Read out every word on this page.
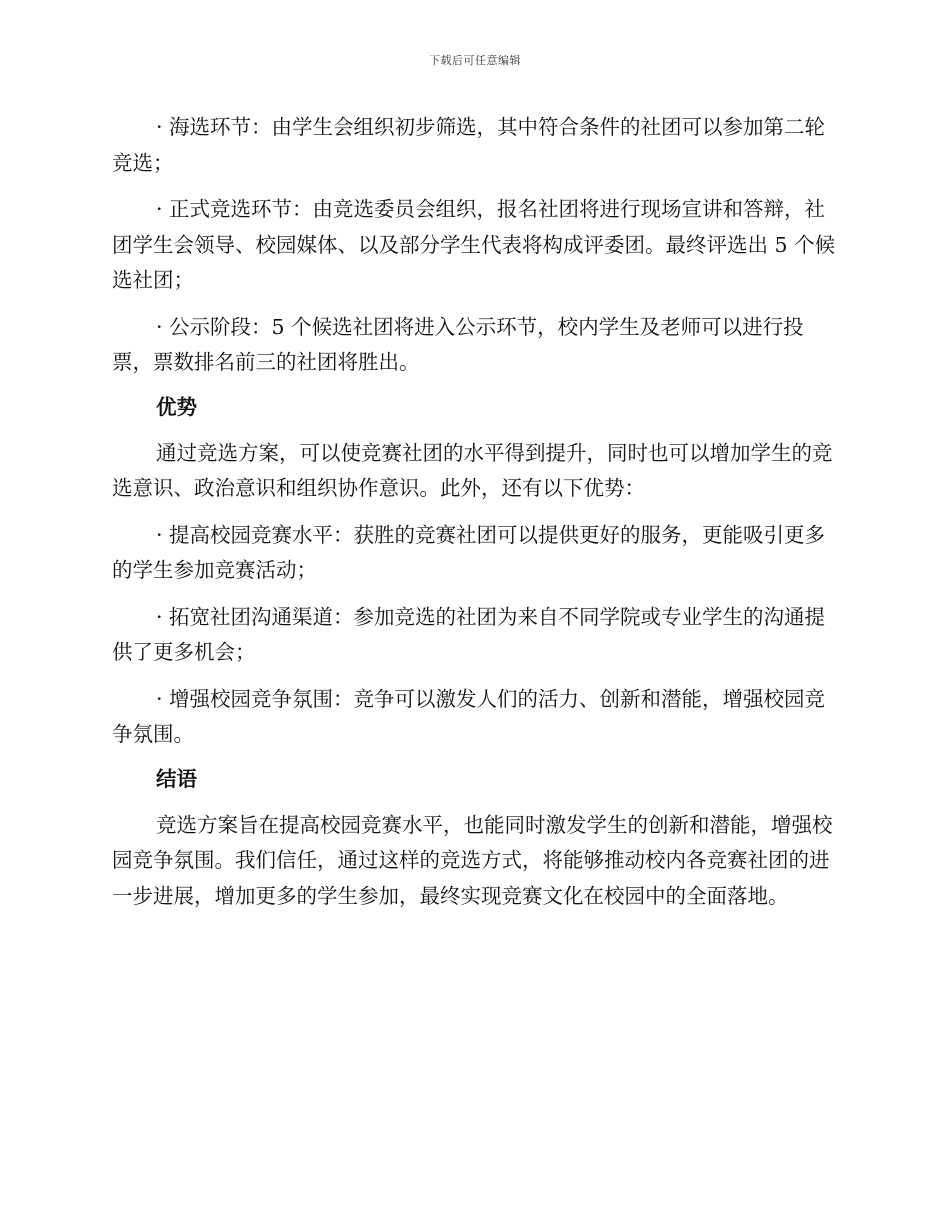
下载后可任意编辑

· 海选环节：由学生会组织初步筛选，其中符合条件的社团可以参加第二轮竞选；

· 正式竞选环节：由竞选委员会组织，报名社团将进行现场宣讲和答辩，社团学生会领导、校园媒体、以及部分学生代表将构成评委团。最终评选出 5 个候选社团；

· 公示阶段：5 个候选社团将进入公示环节，校内学生及老师可以进行投票，票数排名前三的社团将胜出。

优势

通过竞选方案，可以使竞赛社团的水平得到提升，同时也可以增加学生的竞选意识、政治意识和组织协作意识。此外，还有以下优势：

· 提高校园竞赛水平：获胜的竞赛社团可以提供更好的服务，更能吸引更多的学生参加竞赛活动；

· 拓宽社团沟通渠道：参加竞选的社团为来自不同学院或专业学生的沟通提供了更多机会；

· 增强校园竞争氛围：竞争可以激发人们的活力、创新和潜能，增强校园竞争氛围。

结语

竞选方案旨在提高校园竞赛水平，也能同时激发学生的创新和潜能，增强校园竞争氛围。我们信任，通过这样的竞选方式，将能够推动校内各竞赛社团的进一步进展，增加更多的学生参加，最终实现竞赛文化在校园中的全面落地。
